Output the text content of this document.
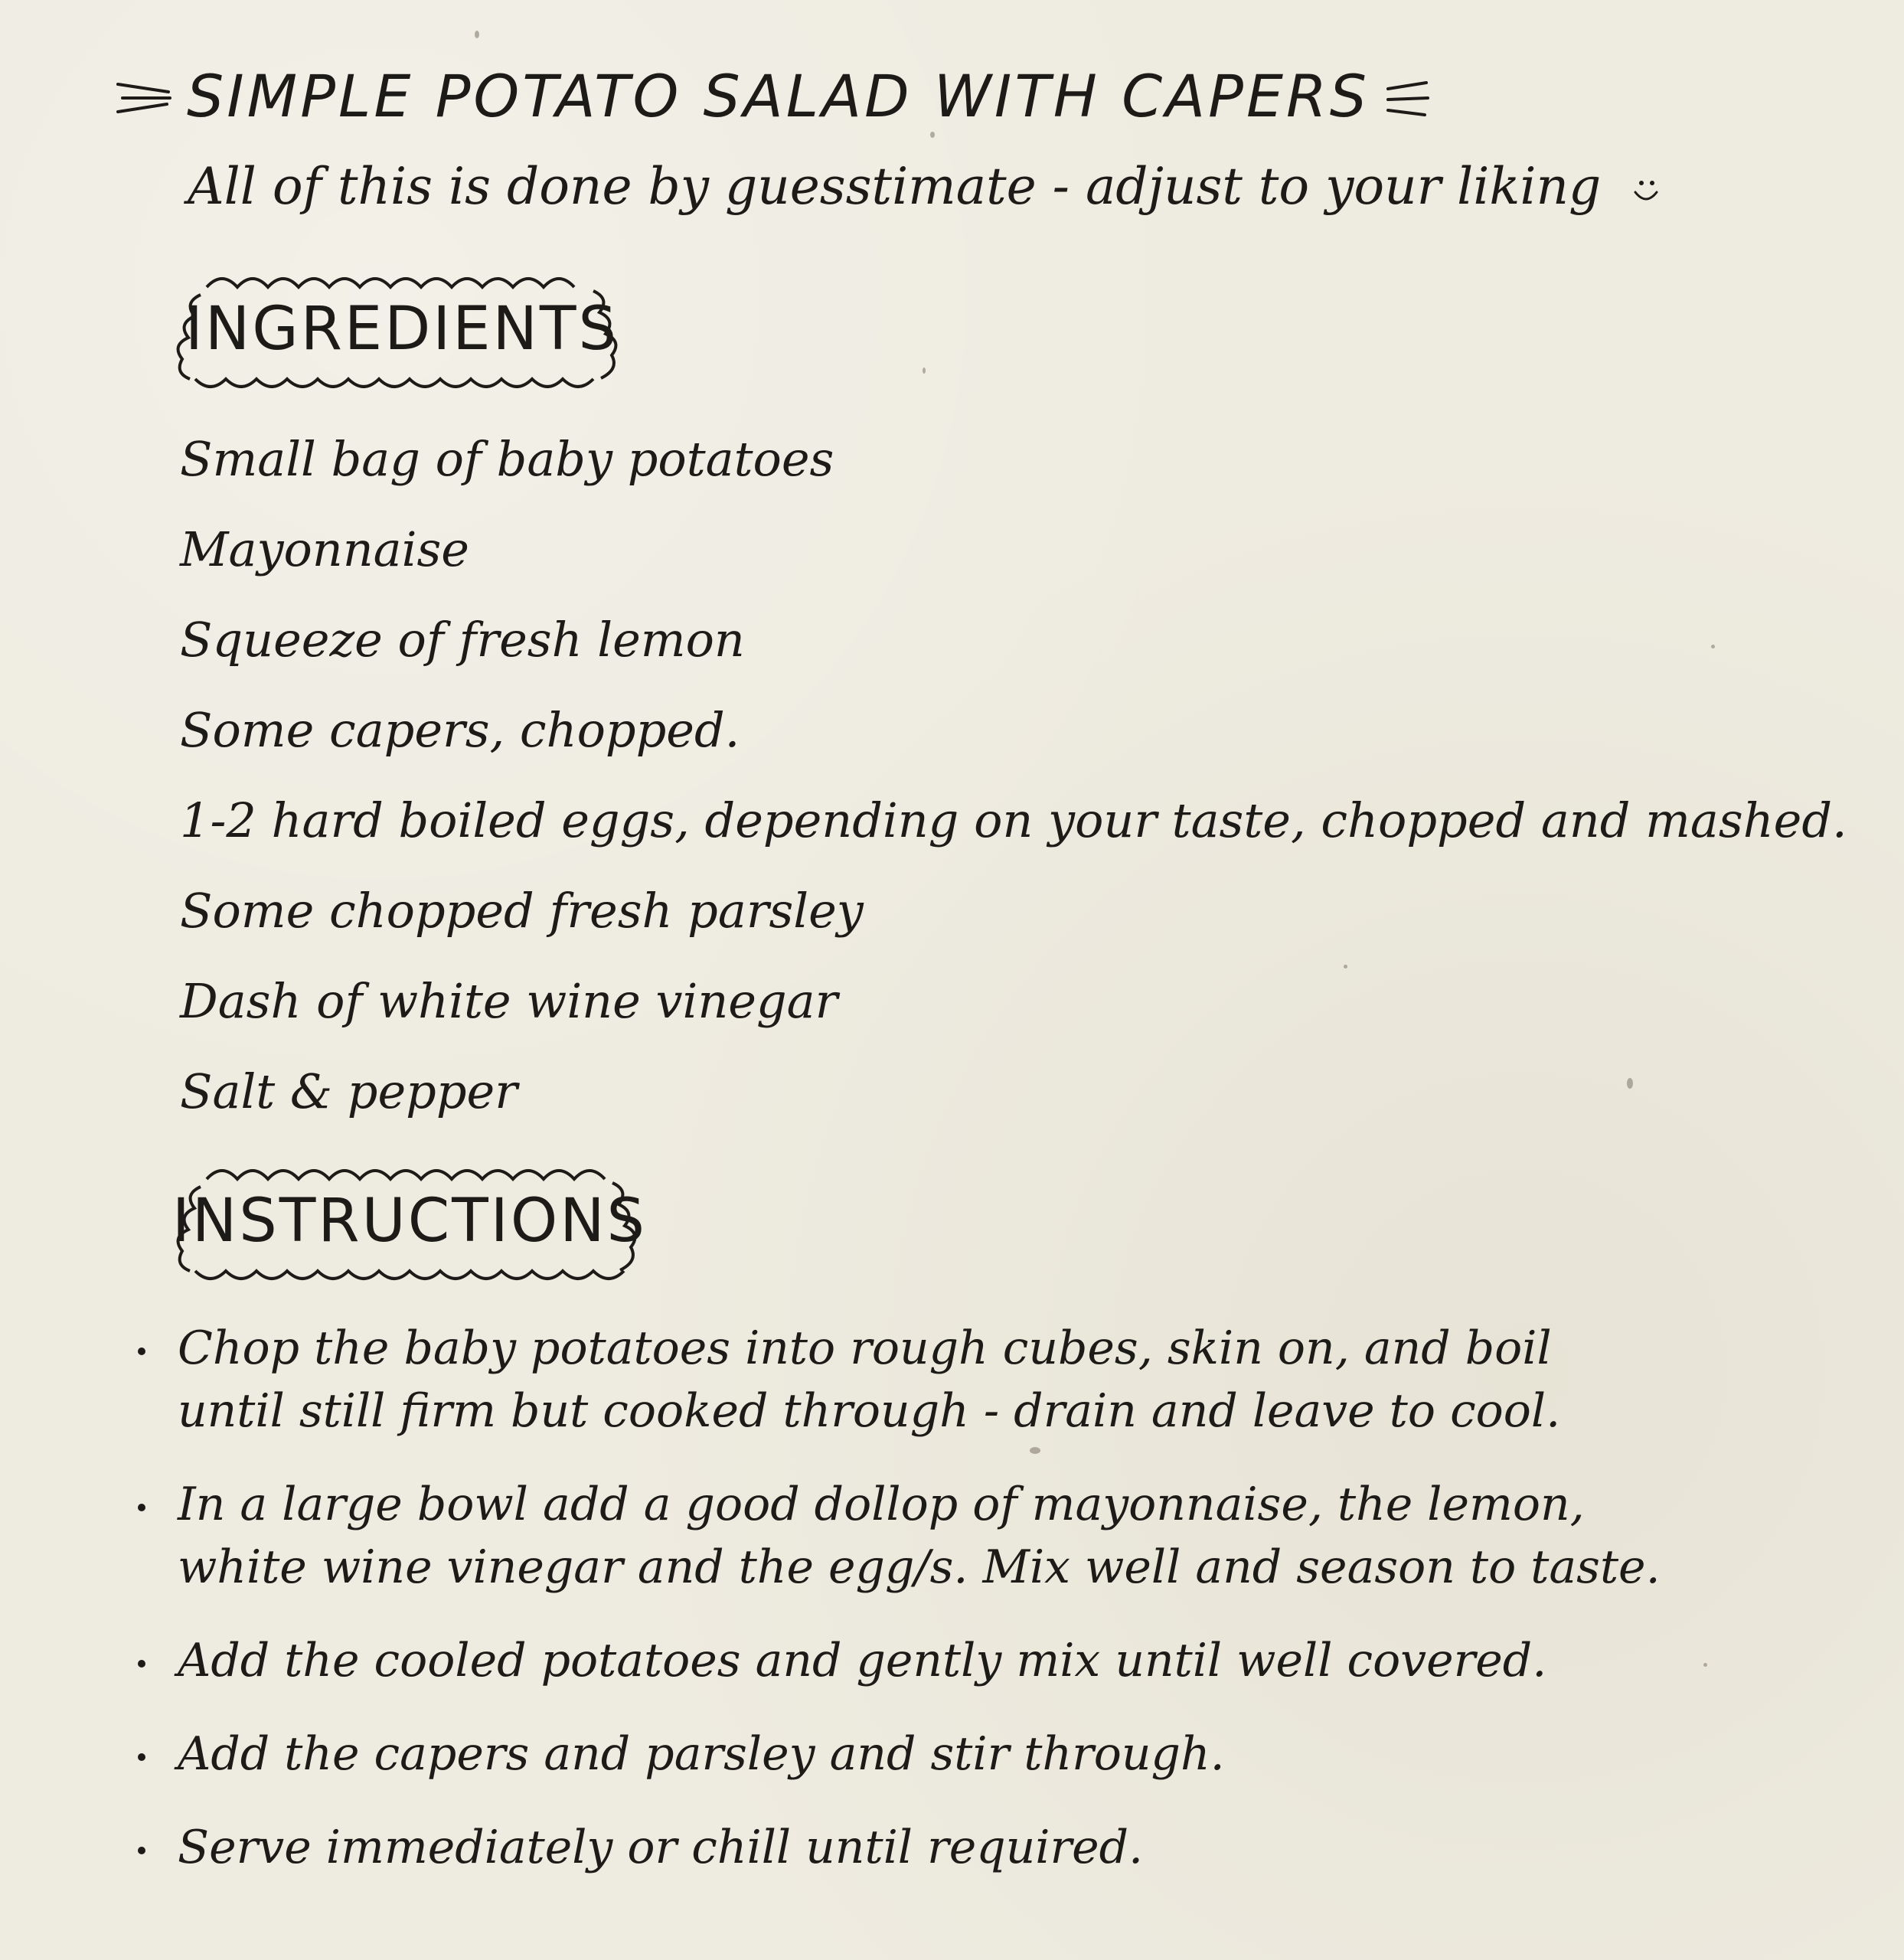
SIMPLE POTATO SALAD WITH CAPERS
All of this is done by guesstimate - adjust to your liking
INGREDIENTS
Small bag of baby potatoes
Mayonnaise
Squeeze of fresh lemon
Some capers, chopped.
1-2 hard boiled eggs, depending on your taste, chopped and mashed.
Some chopped fresh parsley
Dash of white wine vinegar
Salt & pepper
INSTRUCTIONS
Chop the baby potatoes into rough cubes, skin on, and boil until still firm but cooked through - drain and leave to cool.
In a large bowl add a good dollop of mayonnaise, the lemon, white wine vinegar and the egg/s. Mix well and season to taste.
Add the cooled potatoes and gently mix until well covered.
Add the capers and parsley and stir through.
Serve immediately or chill until required.
